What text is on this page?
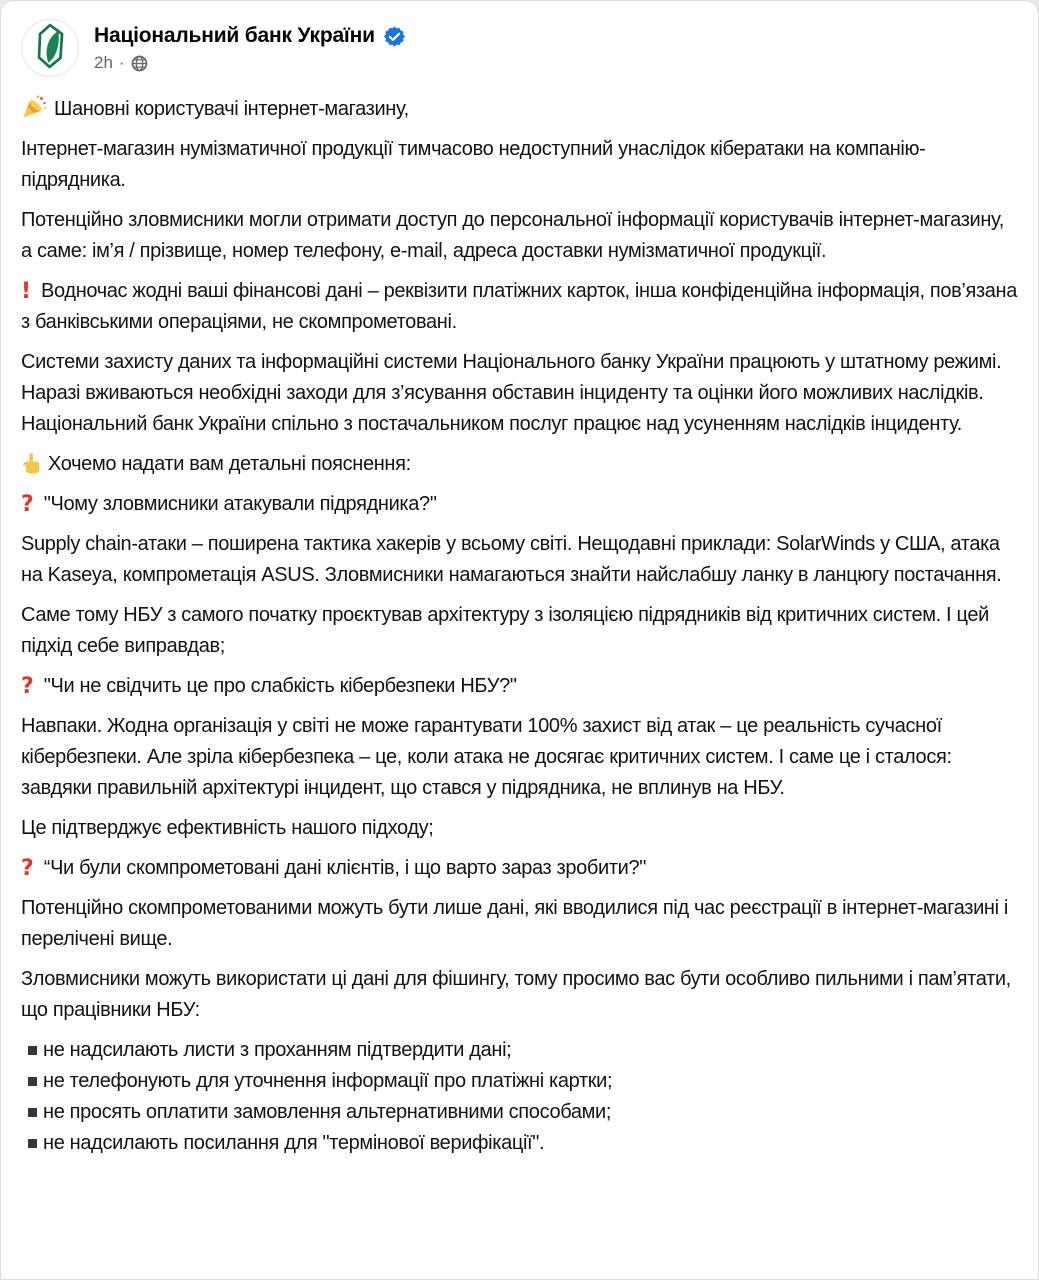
Національний банк України
2h ·

Шановні користувачі інтернет-магазину,

Інтернет-магазин нумізматичної продукції тимчасово недоступний унаслідок кібератаки на компанію-підрядника.

Потенційно зловмисники могли отримати доступ до персональної інформації користувачів інтернет-магазину, а саме: ім’я / прізвище, номер телефону, e-mail, адреса доставки нумізматичної продукції.

! Водночас жодні ваші фінансові дані – реквізити платіжних карток, інша конфіденційна інформація, пов’язана з банківськими операціями, не скомпрометовані.

Системи захисту даних та інформаційні системи Національного банку України працюють у штатному режимі. Наразі вживаються необхідні заходи для з’ясування обставин інциденту та оцінки його можливих наслідків. Національний банк України спільно з постачальником послуг працює над усуненням наслідків інциденту.

Хочемо надати вам детальні пояснення:

? "Чому зловмисники атакували підрядника?"

Supply chain-атаки – поширена тактика хакерів у всьому світі. Нещодавні приклади: SolarWinds у США, атака на Kaseya, компрометація ASUS. Зловмисники намагаються знайти найслабшу ланку в ланцюгу постачання.

Саме тому НБУ з самого початку проєктував архітектуру з ізоляцією підрядників від критичних систем. І цей підхід себе виправдав;

? "Чи не свідчить це про слабкість кібербезпеки НБУ?"

Навпаки. Жодна організація у світі не може гарантувати 100% захист від атак – це реальність сучасної кібербезпеки. Але зріла кібербезпека – це, коли атака не досягає критичних систем. І саме це і сталося: завдяки правильній архітектурі інцидент, що стався у підрядника, не вплинув на НБУ.

Це підтверджує ефективність нашого підходу;

? “Чи були скомпрометовані дані клієнтів, і що варто зараз зробити?"

Потенційно скомпрометованими можуть бути лише дані, які вводилися під час реєстрації в інтернет-магазині і перелічені вище.

Зловмисники можуть використати ці дані для фішингу, тому просимо вас бути особливо пильними і пам’ятати, що працівники НБУ:

не надсилають листи з проханням підтвердити дані;
не телефонують для уточнення інформації про платіжні картки;
не просять оплатити замовлення альтернативними способами;
не надсилають посилання для "термінової верифікації".
